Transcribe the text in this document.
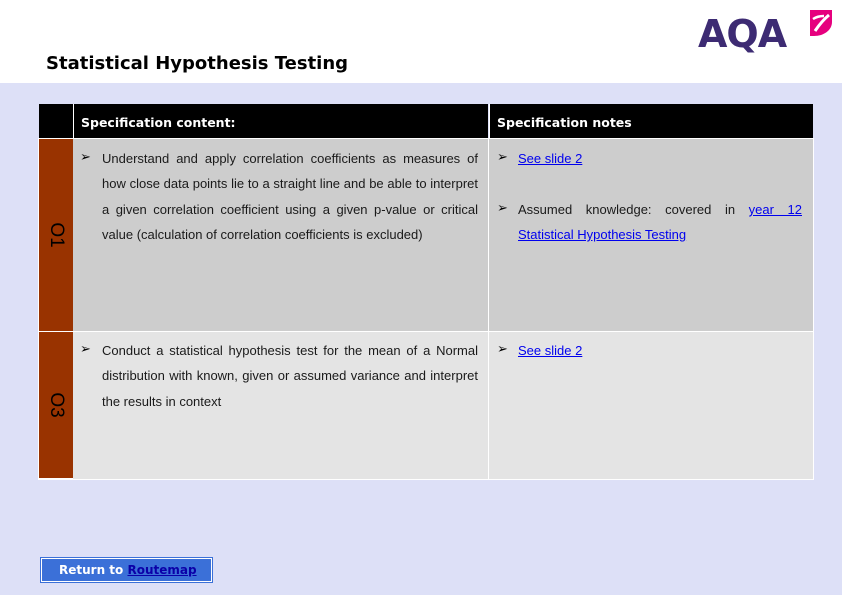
Statistical Hypothesis Testing
AQA
Specification content:	Specification notes
O1
O3
➢ Understand and apply correlation coefficients as measures of how close data points lie to a straight line and be able to interpret a given correlation coefficient using a given p-value or critical value (calculation of correlation coefficients is excluded)
➢ See slide 2
➢ Assumed knowledge: covered in year 12 Statistical Hypothesis Testing
➢ Conduct a statistical hypothesis test for the mean of a Normal distribution with known, given or assumed variance and interpret the results in context
➢ See slide 2
Return to Routemap
